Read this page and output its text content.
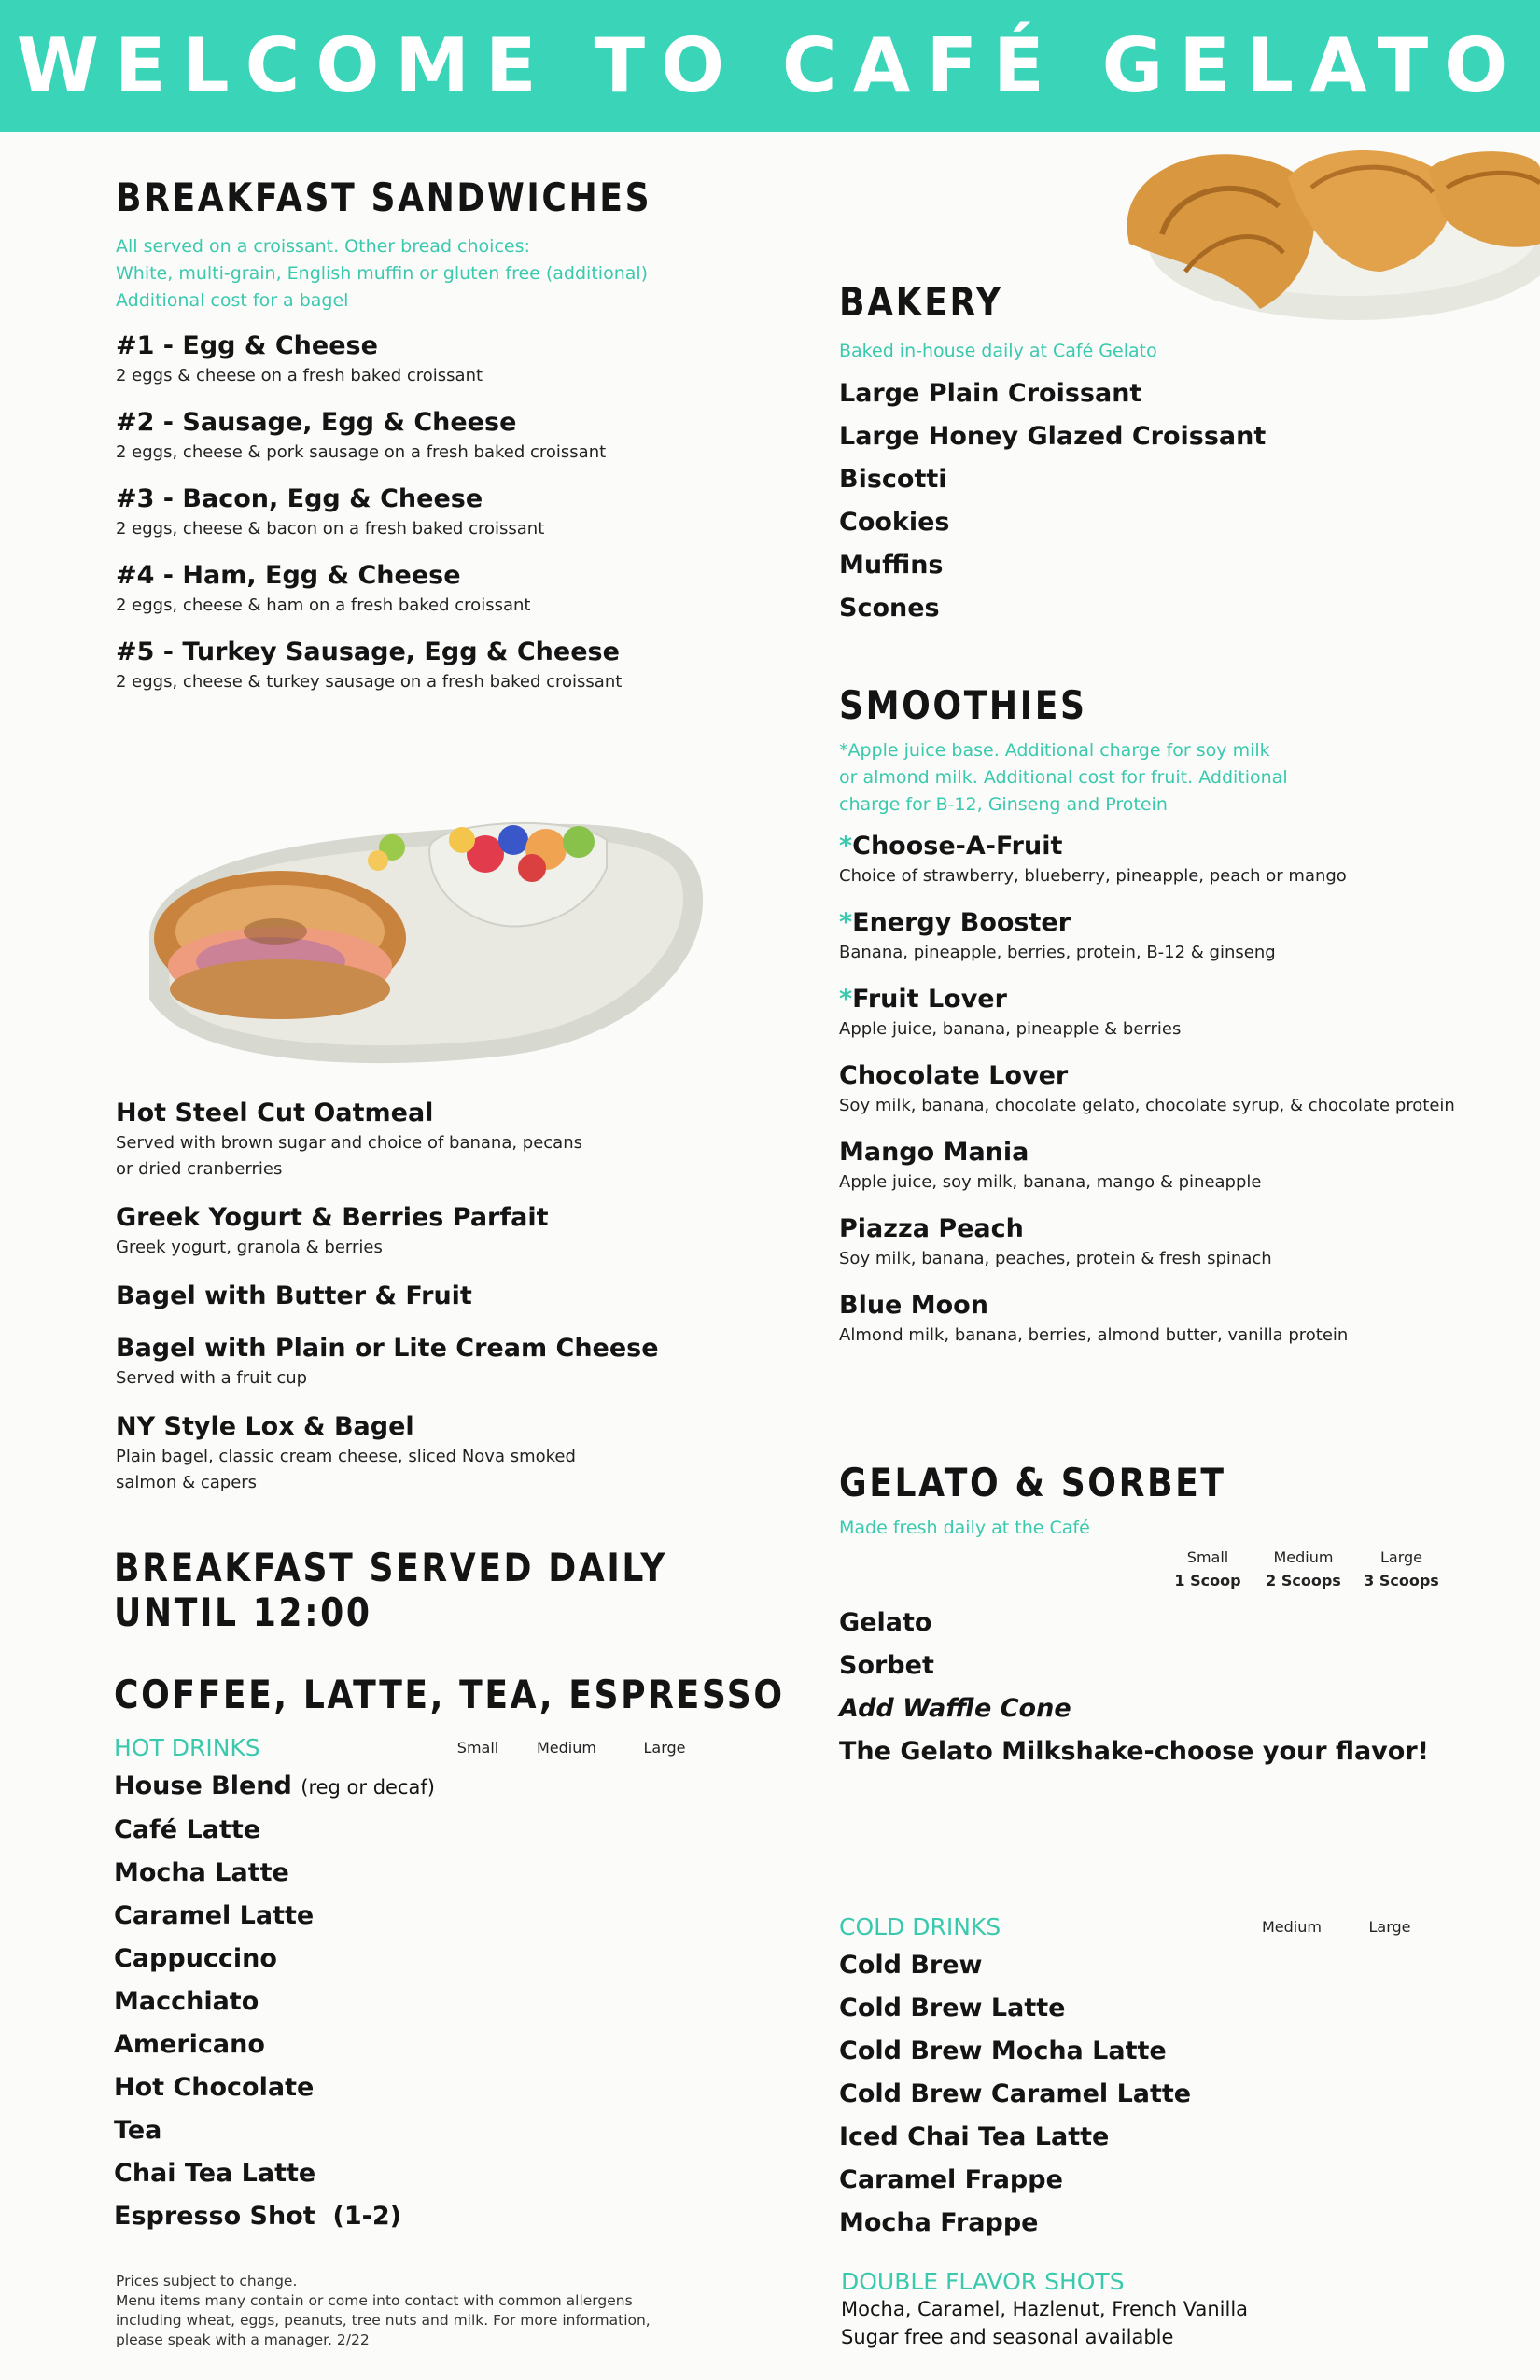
WELCOME TO CAFÉ GELATO
BREAKFAST SANDWICHES

All served on a croissant. Other bread choices:

White, multi-grain, English muffin or gluten free (additional)

Additional cost for a bagel

#1 - Egg & Cheese
2 eggs & cheese on a fresh baked croissant
#2 - Sausage, Egg & Cheese
2 eggs, cheese & pork sausage on a fresh baked croissant
#3 - Bacon, Egg & Cheese
2 eggs, cheese & bacon on a fresh baked croissant
#4 - Ham, Egg & Cheese
2 eggs, cheese & ham on a fresh baked croissant
#5 - Turkey Sausage, Egg & Cheese
2 eggs, cheese & turkey sausage on a fresh baked croissant
Hot Steel Cut Oatmeal
Served with brown sugar and choice of banana, pecans
or dried cranberries
Greek Yogurt & Berries Parfait
Greek yogurt, granola & berries
Bagel with Butter & Fruit
Bagel with Plain or Lite Cream Cheese
Served with a fruit cup
NY Style Lox & Bagel
Plain bagel, classic cream cheese, sliced Nova smoked
salmon & capers
BREAKFAST SERVED DAILY
UNTIL 12:00
COFFEE, LATTE, TEA, ESPRESSO
HOT DRINKS	Small	Medium	Large
House Blend (reg or decaf)
Café Latte
Mocha Latte
Caramel Latte
Cappuccino
Macchiato
Americano
Hot Chocolate
Tea
Chai Tea Latte
Espresso Shot  (1-2)
Prices subject to change.
Menu items many contain or come into contact with common allergens
including wheat, eggs, peanuts, tree nuts and milk. For more information,
please speak with a manager. 2/22
BAKERY

Baked in-house daily at Café Gelato

Large Plain Croissant
Large Honey Glazed Croissant
Biscotti
Cookies
Muffins
Scones
SMOOTHIES

*Apple juice base. Additional charge for soy milk

or almond milk. Additional cost for fruit. Additional

charge for B-12, Ginseng and Protein

*Choose-A-Fruit
Choice of strawberry, blueberry, pineapple, peach or mango
*Energy Booster
Banana, pineapple, berries, protein, B-12 & ginseng
*Fruit Lover
Apple juice, banana, pineapple & berries
Chocolate Lover
Soy milk, banana, chocolate gelato, chocolate syrup, & chocolate protein
Mango Mania
Apple juice, soy milk, banana, mango & pineapple
Piazza Peach
Soy milk, banana, peaches, protein & fresh spinach
Blue Moon
Almond milk, banana, berries, almond butter, vanilla protein
GELATO & SORBET

Made fresh daily at the Café

Small
1 Scoop
Medium
2 Scoops
Large
3 Scoops
Gelato
Sorbet
Add Waffle Cone
The Gelato Milkshake-choose your flavor!
COLD DRINKS	Medium	Large
Cold Brew
Cold Brew Latte
Cold Brew Mocha Latte
Cold Brew Caramel Latte
Iced Chai Tea Latte
Caramel Frappe
Mocha Frappe
DOUBLE FLAVOR SHOTS
Mocha, Caramel, Hazlenut, French Vanilla
Sugar free and seasonal available
